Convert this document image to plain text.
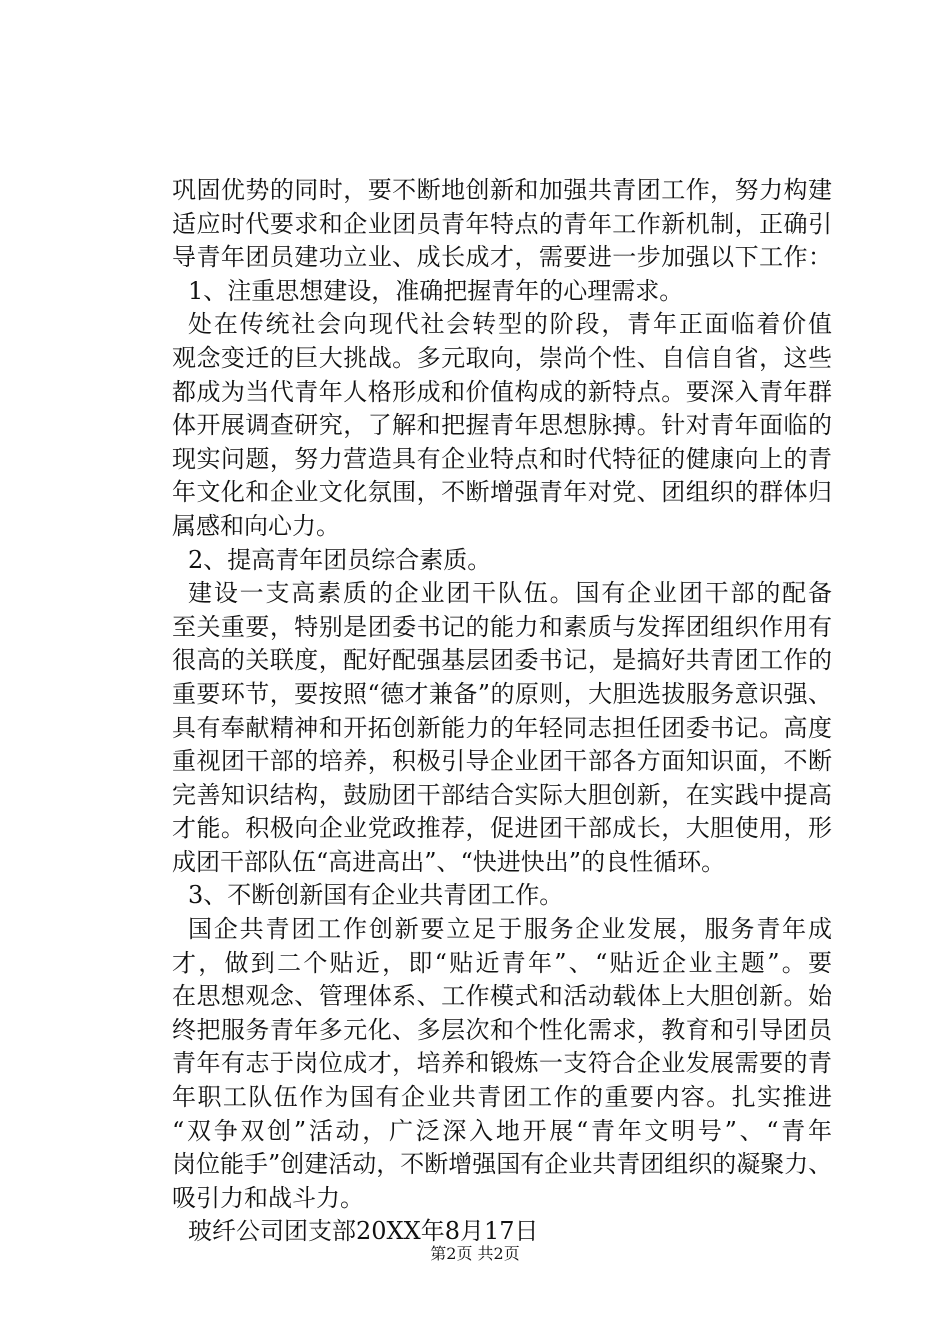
巩固优势的同时，要不断地创新和加强共青团工作，努力构建
适应时代要求和企业团员青年特点的青年工作新机制，正确引
导青年团员建功立业、成长成才，需要进一步加强以下工作：
1、注重思想建设，准确把握青年的心理需求。
处在传统社会向现代社会转型的阶段，青年正面临着价值
观念变迁的巨大挑战。多元取向，崇尚个性、自信自省，这些
都成为当代青年人格形成和价值构成的新特点。要深入青年群
体开展调查研究，了解和把握青年思想脉搏。针对青年面临的
现实问题，努力营造具有企业特点和时代特征的健康向上的青
年文化和企业文化氛围，不断增强青年对党、团组织的群体归
属感和向心力。
2、提高青年团员综合素质。
建设一支高素质的企业团干队伍。国有企业团干部的配备
至关重要，特别是团委书记的能力和素质与发挥团组织作用有
很高的关联度，配好配强基层团委书记，是搞好共青团工作的
重要环节，要按照“德才兼备”的原则，大胆选拔服务意识强、
具有奉献精神和开拓创新能力的年轻同志担任团委书记。高度
重视团干部的培养，积极引导企业团干部各方面知识面，不断
完善知识结构，鼓励团干部结合实际大胆创新，在实践中提高
才能。积极向企业党政推荐，促进团干部成长，大胆使用，形
成团干部队伍“高进高出”、“快进快出”的良性循环。
3、不断创新国有企业共青团工作。
国企共青团工作创新要立足于服务企业发展，服务青年成
才，做到二个贴近，即“贴近青年”、“贴近企业主题”。要
在思想观念、管理体系、工作模式和活动载体上大胆创新。始
终把服务青年多元化、多层次和个性化需求，教育和引导团员
青年有志于岗位成才，培养和锻炼一支符合企业发展需要的青
年职工队伍作为国有企业共青团工作的重要内容。扎实推进
“双争双创”活动，广泛深入地开展“青年文明号”、“青年
岗位能手”创建活动，不断增强国有企业共青团组织的凝聚力、
吸引力和战斗力。
玻纤公司团支部20XX年8月17日
第2页 共2页
